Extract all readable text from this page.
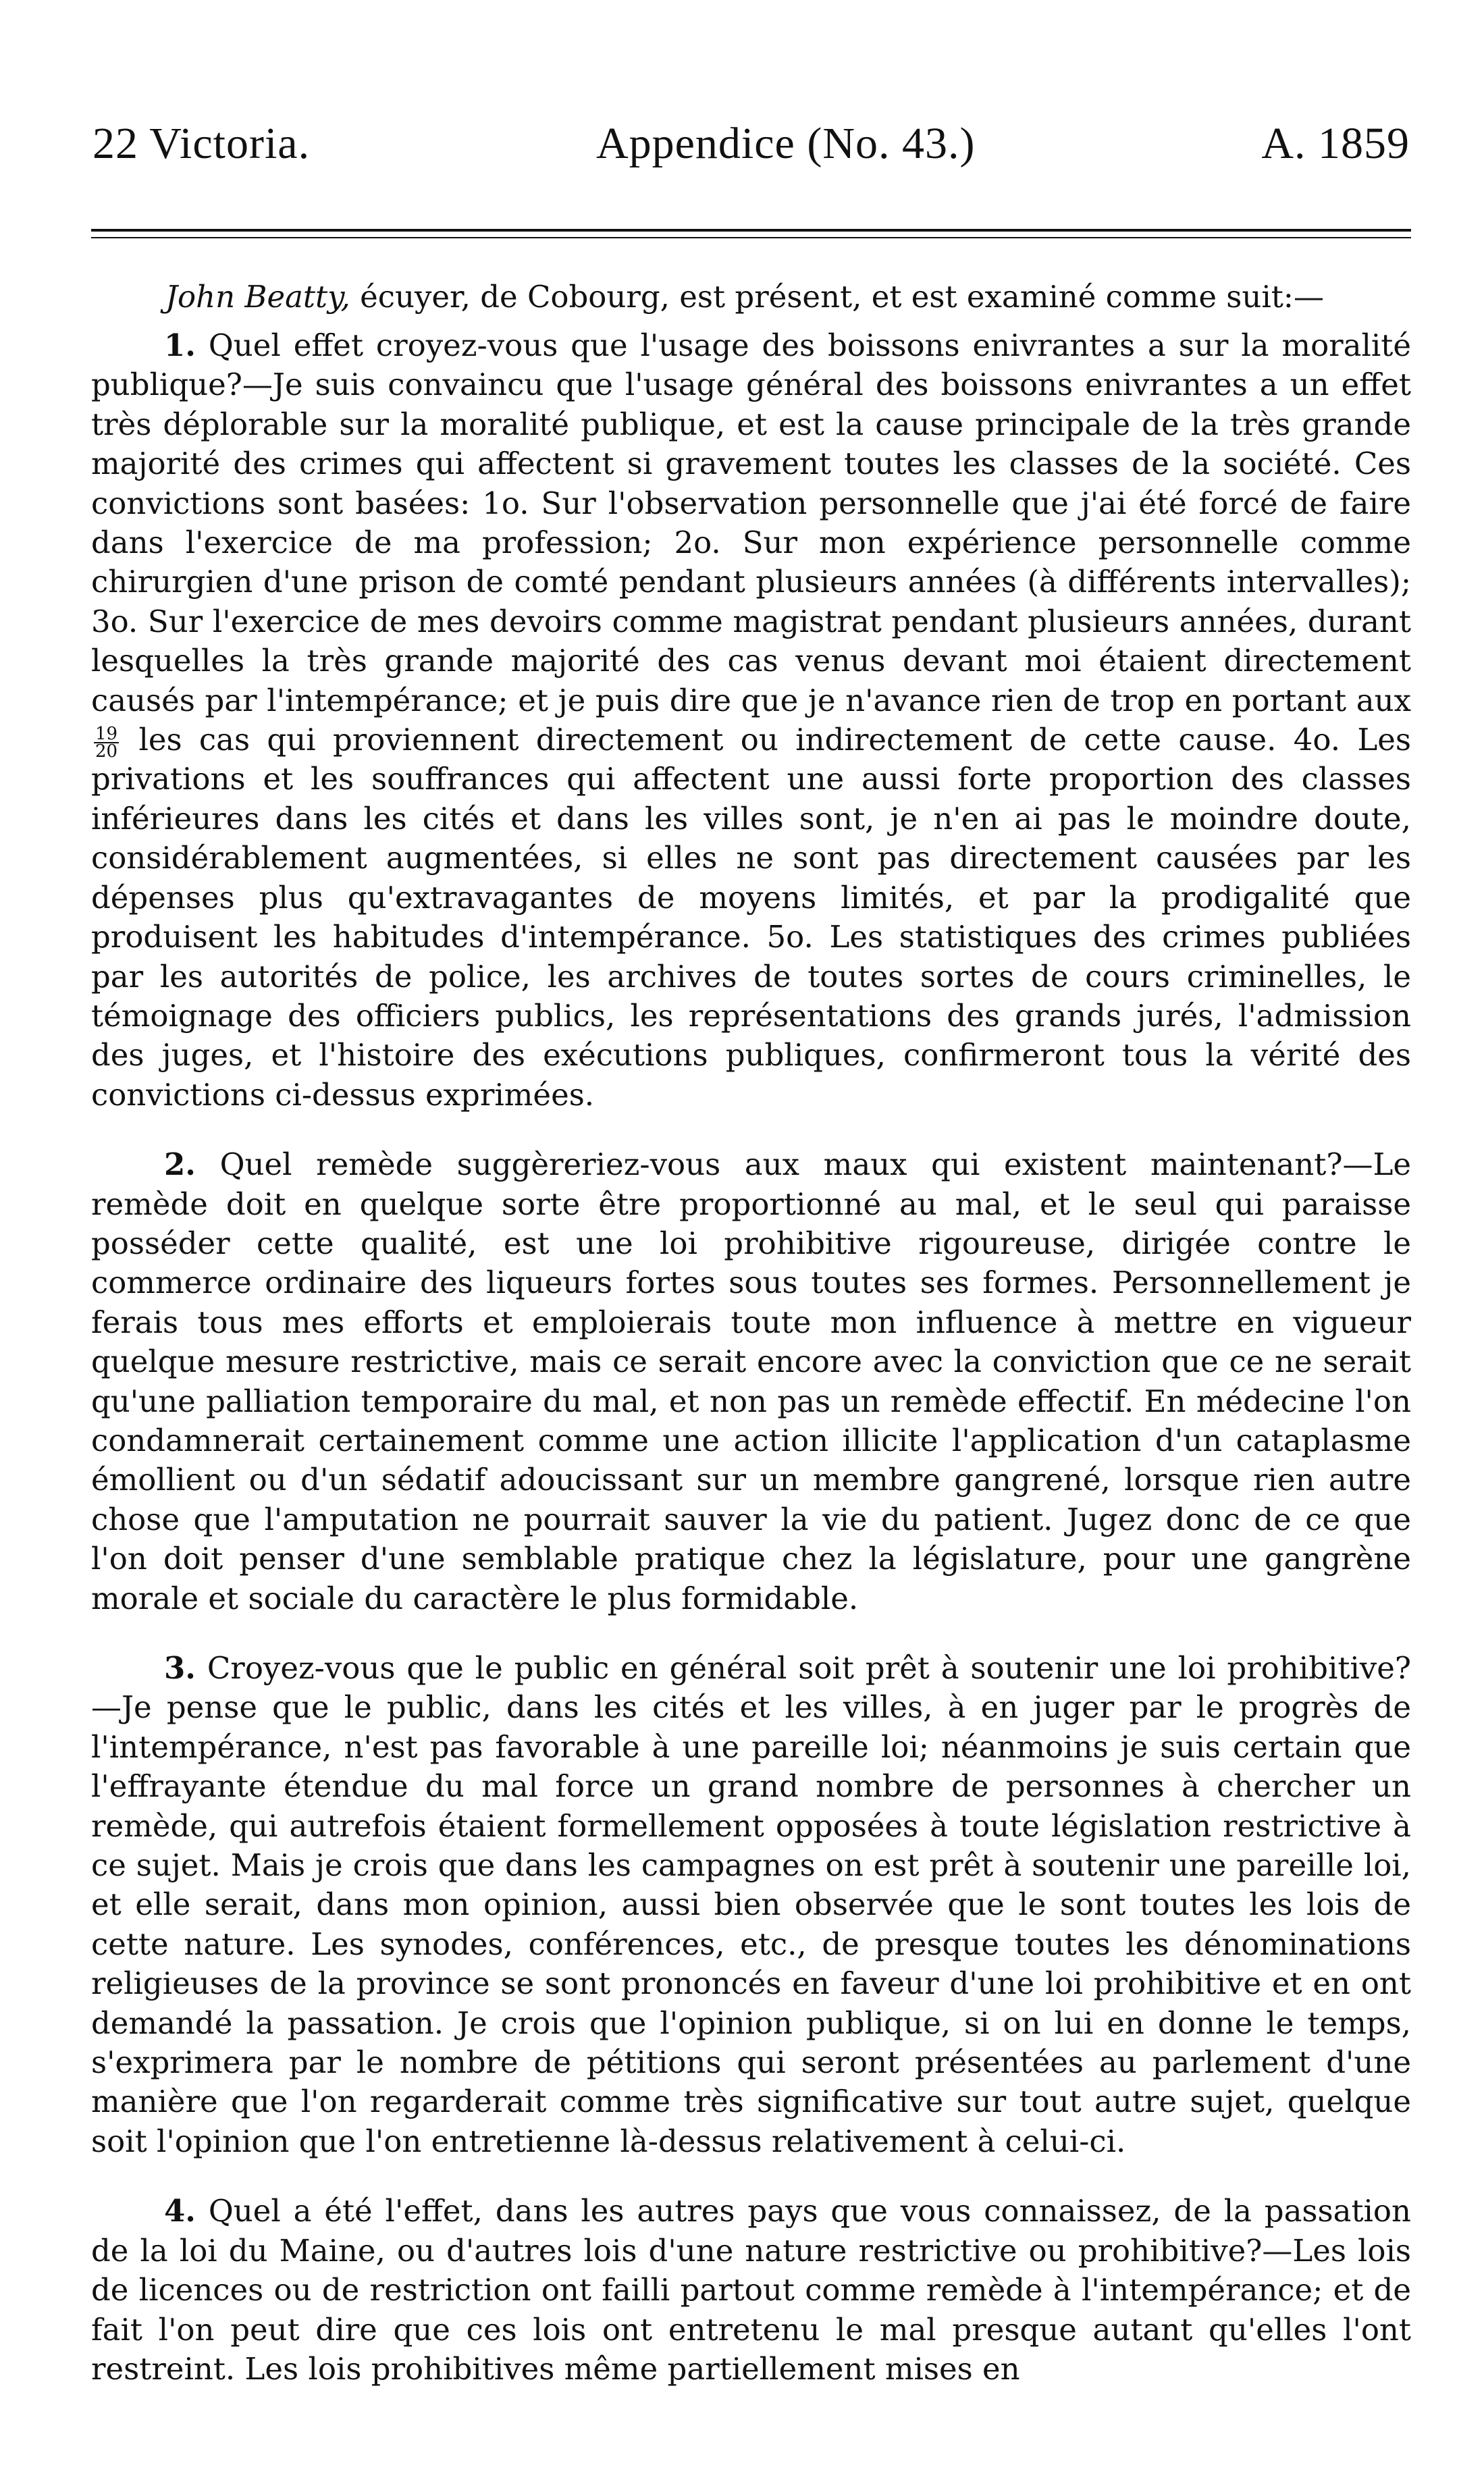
22 Victoria.	Appendice (No. 43.)	A. 1859
John Beatty, écuyer, de Cobourg, est présent, et est examiné comme suit:—

1. Quel effet croyez-vous que l'usage des boissons enivrantes a sur la moralité publique?—Je suis convaincu que l'usage général des boissons enivrantes a un effet très déplorable sur la moralité publique, et est la cause principale de la très grande majorité des crimes qui affectent si gravement toutes les classes de la société. Ces convictions sont basées: 1o. Sur l'observation personnelle que j'ai été forcé de faire dans l'exercice de ma profession; 2o. Sur mon expérience personnelle comme chirurgien d'une prison de comté pendant plusieurs années (à différents intervalles); 3o. Sur l'exercice de mes devoirs comme magistrat pendant plusieurs années, durant lesquelles la très grande majorité des cas venus devant moi étaient directement causés par l'intempérance; et je puis dire que je n'avance rien de trop en portant aux
$\frac{19}{20}$ les cas qui proviennent directement ou indirectement de cette cause. 4o. Les privations et les souffrances qui affectent une aussi forte proportion des classes inférieures dans les cités et dans les villes sont, je n'en ai pas le moindre doute, considérablement augmentées, si elles ne sont pas directement causées par les dépenses plus qu'extravagantes de moyens limités, et par la prodigalité que produisent les habitudes d'intempérance. 5o. Les statistiques des crimes publiées par les autorités de police, les archives de toutes sortes de cours criminelles, le témoignage des officiers publics, les représentations des grands jurés, l'admission des juges, et l'histoire des exécutions publiques, confirmeront tous la vérité des convictions ci-dessus exprimées.

2. Quel remède suggèreriez-vous aux maux qui existent maintenant?—Le remède doit en quelque sorte être proportionné au mal, et le seul qui paraisse posséder cette qualité, est une loi prohibitive rigoureuse, dirigée contre le commerce ordinaire des liqueurs fortes sous toutes ses formes. Personnellement je ferais tous mes efforts et emploierais toute mon influence à mettre en vigueur quelque mesure restrictive, mais ce serait encore avec la conviction que ce ne serait qu'une palliation temporaire du mal, et non pas un remède effectif. En médecine l'on condamnerait certainement comme une action illicite l'application d'un cataplasme émollient ou d'un sédatif adoucissant sur un membre gangrené, lorsque rien autre chose que l'amputation ne pourrait sauver la vie du patient. Jugez donc de ce que l'on doit penser d'une semblable pratique chez la législature, pour une gangrène morale et sociale du caractère le plus formidable.

3. Croyez-vous que le public en général soit prêt à soutenir une loi prohibitive?—Je pense que le public, dans les cités et les villes, à en juger par le progrès de l'intempérance, n'est pas favorable à une pareille loi; néanmoins je suis certain que l'effrayante étendue du mal force un grand nombre de personnes à chercher un remède, qui autrefois étaient formellement opposées à toute législation restrictive à ce sujet. Mais je crois que dans les campagnes on est prêt à soutenir une pareille loi, et elle serait, dans mon opinion, aussi bien observée que le sont toutes les lois de cette nature. Les synodes, conférences, etc., de presque toutes les dénominations religieuses de la province se sont prononcés en faveur d'une loi prohibitive et en ont demandé la passation. Je crois que l'opinion publique, si on lui en donne le temps, s'exprimera par le nombre de pétitions qui seront présentées au parlement d'une manière que l'on regarderait comme très significative sur tout autre sujet, quelque soit l'opinion que l'on entretienne là-dessus relativement à celui-ci.

4. Quel a été l'effet, dans les autres pays que vous connaissez, de la passation de la loi du Maine, ou d'autres lois d'une nature restrictive ou prohibitive?—Les lois de licences ou de restriction ont failli partout comme remède à l'intempérance; et de fait l'on peut dire que ces lois ont entretenu le mal presque autant qu'elles l'ont restreint. Les lois prohibitives même partiellement mises en
